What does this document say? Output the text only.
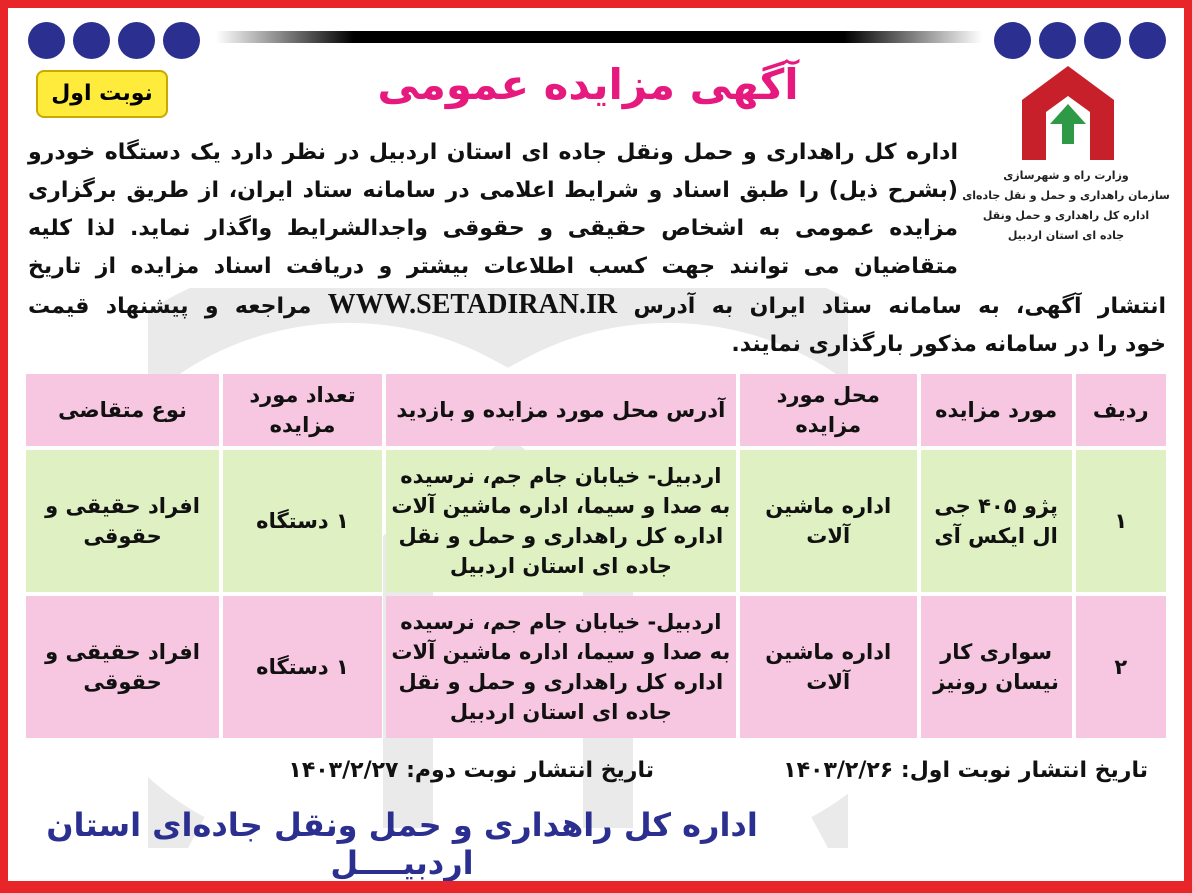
نوبت اول	آگهی مزایده عمومی
وزارت راه و شهرسازی
سازمان راهداری و حمل و نقل جاده‌ای
اداره کل راهداری و حمل ونقل
جاده ای استان اردبیل
اداره کل راهداری و حمل ونقل جاده ای استان اردبیل در نظر دارد یک دستگاه خودرو (بشرح ذیل) را طبق اسناد و شرایط اعلامی در سامانه ستاد ایران، از طریق برگزاری مزایده عمومی به اشخاص حقیقی و حقوقی واجدالشرایط واگذار نماید. لذا کلیه متقاضیان می توانند جهت کسب اطلاعات بیشتر و دریافت اسناد مزایده از تاریخ
انتشار آگهی، به سامانه ستاد ایران به آدرس WWW.SETADIRAN.IR مراجعه و پیشنهاد قیمت
خود را در سامانه مذکور بارگذاری نمایند.
ردیف	مورد مزایده	محل مورد مزایده	آدرس محل مورد مزایده و بازدید	تعداد مورد مزایده	نوع متقاضی
۱	پژو ۴۰۵ جی ال ایکس آی	اداره ماشین آلات	اردبیل- خیابان جام جم، نرسیده به صدا و سیما، اداره ماشین آلات اداره کل راهداری و حمل و نقل جاده ای استان اردبیل	۱ دستگاه	افراد حقیقی و حقوقی
۲	سواری کار نیسان رونیز	اداره ماشین آلات	اردبیل- خیابان جام جم، نرسیده به صدا و سیما، اداره ماشین آلات اداره کل راهداری و حمل و نقل جاده ای استان اردبیل	۱ دستگاه	افراد حقیقی و حقوقی
تاریخ انتشار نوبت اول: ۱۴۰۳/۲/۲۶
تاریخ انتشار نوبت دوم: ۱۴۰۳/۲/۲۷
اداره کل راهداری و حمل ونقل جاده‌ای استان اردبیــــل
